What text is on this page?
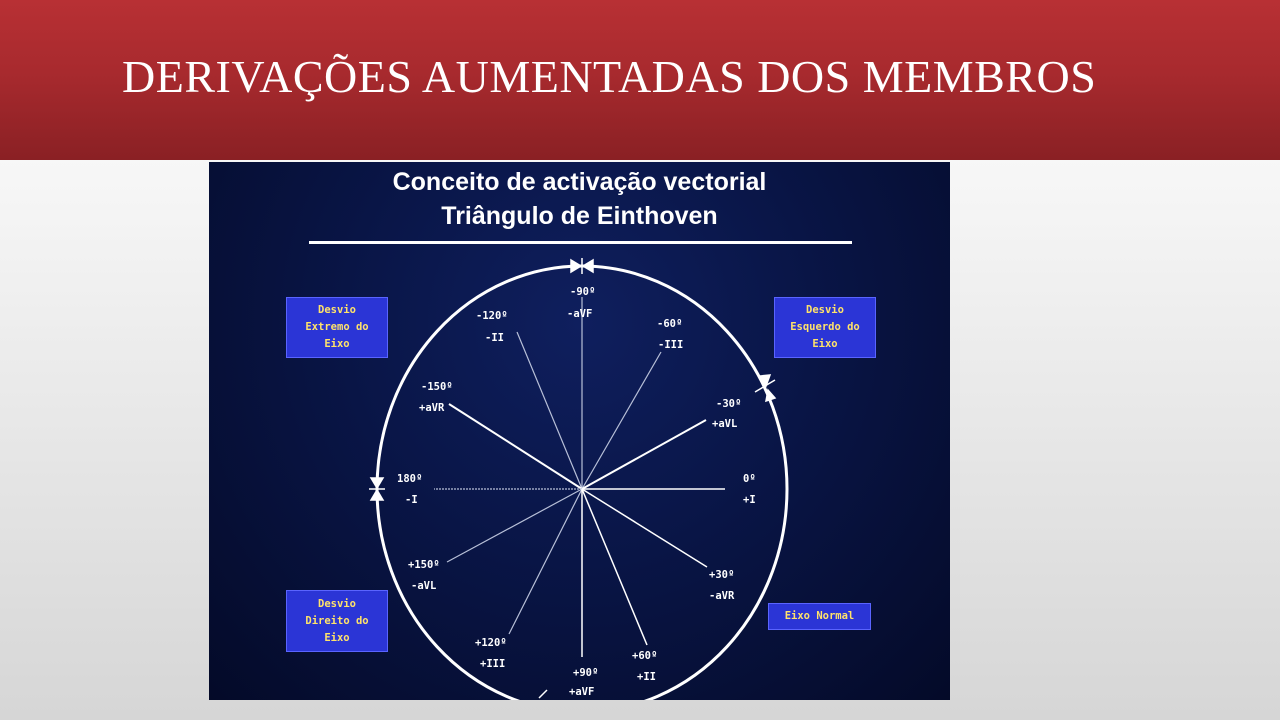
DERIVAÇÕES AUMENTADAS DOS MEMBROS
Conceito de activação vectorial
Triângulo de Einthoven
Desvio
Extremo do
Eixo
Desvio
Esquerdo do
Eixo
Desvio
Direito do
Eixo
Eixo Normal
-90º
-aVF
-120º
-II
-60º
-III
-150º
+aVR	-30º
+aVL
180º
-I
0º
+I
+150º
-aVL
+30º
-aVR
+120º
+III
+60º
+II
+90º
+aVF
